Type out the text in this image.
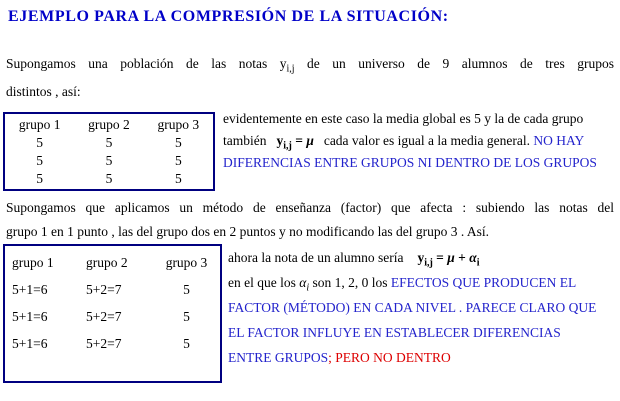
EJEMPLO PARA LA COMPRESIÓN DE LA SITUACIÓN:
Supongamos una población de las notas $y_{i,j}$ de un universo de 9 alumnos de tres grupos
distintos , así:
grupo 1	grupo 2	grupo 3
5	5	5
5	5	5
5	5	5
evidentemente en este caso la media global es 5 y la de cada grupo también $y_{i,j} = \mu$ cada valor es igual a la media general. NO HAY DIFERENCIAS ENTRE GRUPOS NI DENTRO DE LOS GRUPOS
Supongamos que aplicamos un método de enseñanza (factor) que afecta : subiendo las notas del
grupo 1 en 1 punto , las del grupo dos en 2 puntos y no modificando las del grupo 3 . Así.
grupo 1	grupo 2	grupo 3
5+1=6	5+2=7	5
5+1=6	5+2=7	5
5+1=6	5+2=7	5
ahora la nota de un alumno sería $y_{i,j} = \mu + \alpha_i$
en el que los $\alpha_i$ son 1, 2, 0 los EFECTOS QUE PRODUCEN EL FACTOR (MÉTODO) EN CADA NIVEL . PARECE CLARO QUE EL FACTOR INFLUYE EN ESTABLECER DIFERENCIAS ENTRE GRUPOS; PERO NO DENTRO
